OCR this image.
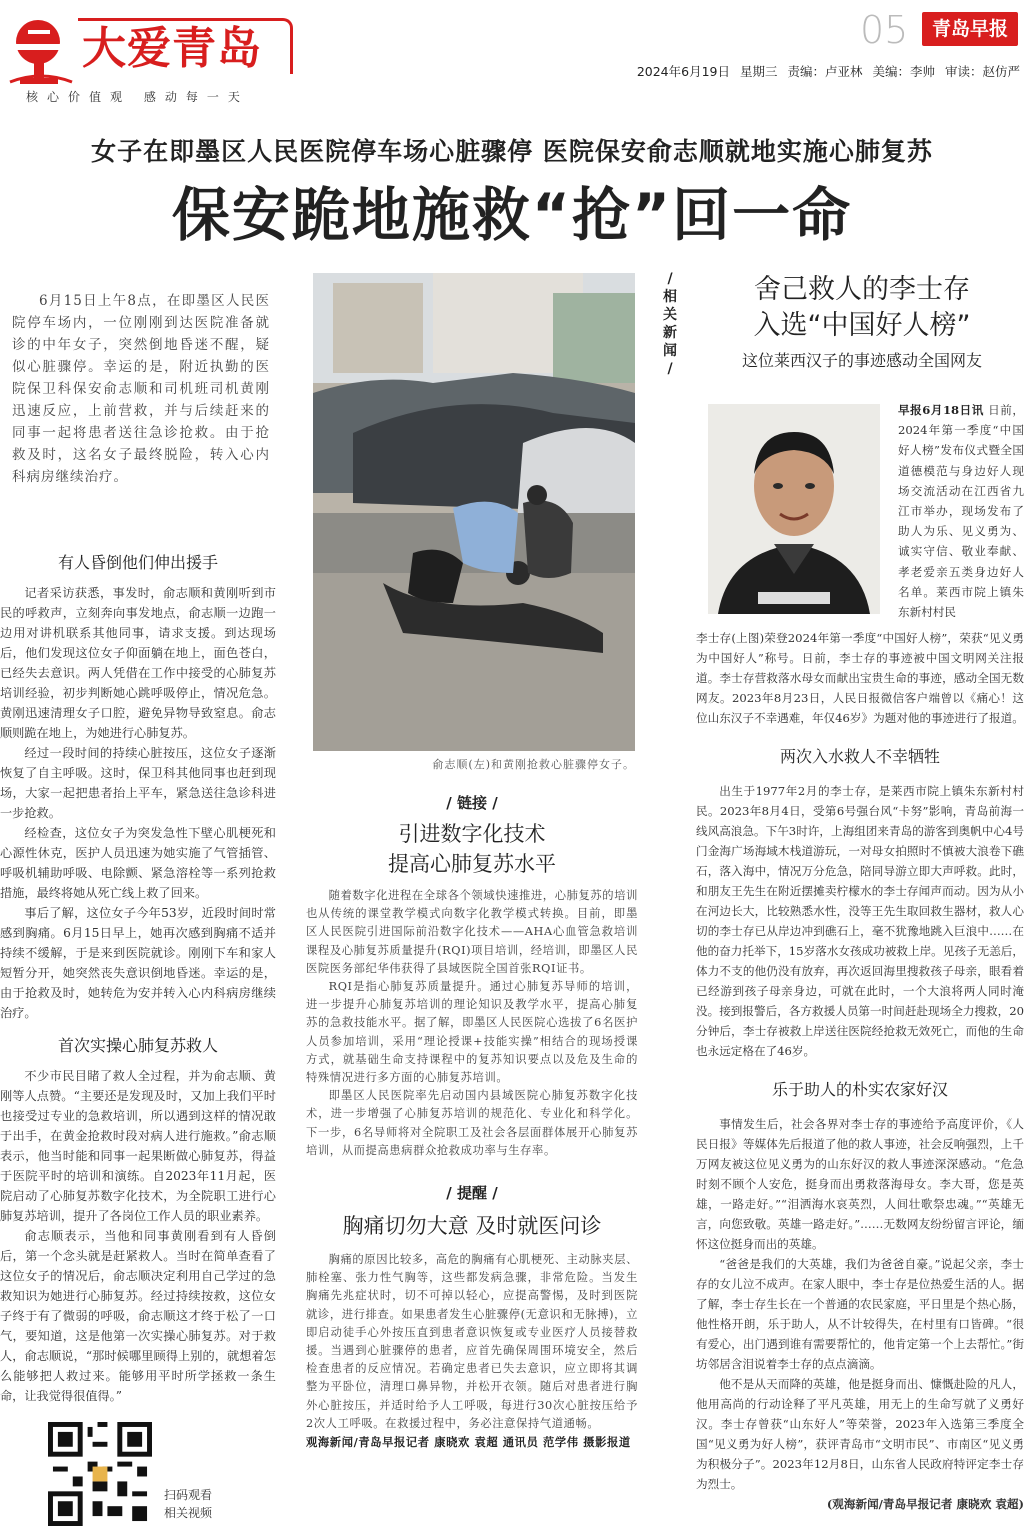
大爱青岛
核心价值观 感动每一天
05	青岛早报
2024年6月19日 星期三 责编：卢亚林 美编：李帅 审读：赵仿严
女子在即墨区人民医院停车场心脏骤停 医院保安俞志顺就地实施心肺复苏
保安跪地施救“抢”回一命

6月15日上午8点，在即墨区人民医院停车场内，一位刚刚到达医院准备就诊的中年女子，突然倒地昏迷不醒，疑似心脏骤停。幸运的是，附近执勤的医院保卫科保安俞志顺和司机班司机黄刚迅速反应，上前营救，并与后续赶来的同事一起将患者送往急诊抢救。由于抢救及时，这名女子最终脱险，转入心内科病房继续治疗。

有人昏倒他们伸出援手

记者采访获悉，事发时，俞志顺和黄刚听到市民的呼救声，立刻奔向事发地点，俞志顺一边跑一边用对讲机联系其他同事，请求支援。到达现场后，他们发现这位女子仰面躺在地上，面色苍白，已经失去意识。两人凭借在工作中接受的心肺复苏培训经验，初步判断她心跳呼吸停止，情况危急。黄刚迅速清理女子口腔，避免异物导致窒息。俞志顺则跪在地上，为她进行心肺复苏。

经过一段时间的持续心脏按压，这位女子逐渐恢复了自主呼吸。这时，保卫科其他同事也赶到现场，大家一起把患者抬上平车，紧急送往急诊科进一步抢救。

经检查，这位女子为突发急性下壁心肌梗死和心源性休克，医护人员迅速为她实施了气管插管、呼吸机辅助呼吸、电除颤、紧急溶栓等一系列抢救措施，最终将她从死亡线上救了回来。

事后了解，这位女子今年53岁，近段时间时常感到胸痛。6月15日早上，她再次感到胸痛不适并持续不缓解，于是来到医院就诊。刚刚下车和家人短暂分开，她突然丧失意识倒地昏迷。幸运的是，由于抢救及时，她转危为安并转入心内科病房继续治疗。

首次实操心肺复苏救人

不少市民目睹了救人全过程，并为俞志顺、黄刚等人点赞。“主要还是发现及时，又加上我们平时也接受过专业的急救培训，所以遇到这样的情况敢于出手，在黄金抢救时段对病人进行施救。”俞志顺表示，他当时能和同事一起果断做心肺复苏，得益于医院平时的培训和演练。自2023年11月起，医院启动了心肺复苏数字化技术，为全院职工进行心肺复苏培训，提升了各岗位工作人员的职业素养。

俞志顺表示，当他和同事黄刚看到有人昏倒后，第一个念头就是赶紧救人。当时在简单查看了这位女子的情况后，俞志顺决定利用自己学过的急救知识为她进行心肺复苏。经过持续按救，这位女子终于有了微弱的呼吸，俞志顺这才终于松了一口气，要知道，这是他第一次实操心肺复苏。对于救人，俞志顺说，“那时候哪里顾得上别的，就想着怎么能够把人救过来。能够用平时所学拯救一条生命，让我觉得很值得。”

扫码观看
相关视频
俞志顺(左)和黄刚抢救心脏骤停女子。
/ 链接 /
引进数字化技术
提高心肺复苏水平

随着数字化进程在全球各个领域快速推进，心肺复苏的培训也从传统的课堂教学模式向数字化教学模式转换。目前，即墨区人民医院引进国际前沿数字化技术——AHA心血管急救培训课程及心肺复苏质量提升(RQI)项目培训，经培训，即墨区人民医院医务部纪华伟获得了县域医院全国首张RQI证书。

RQI是指心肺复苏质量提升。通过心肺复苏导师的培训，进一步提升心肺复苏培训的理论知识及教学水平，提高心肺复苏的急救技能水平。据了解，即墨区人民医院心选拔了6名医护人员参加培训，采用“理论授课+技能实操”相结合的现场授课方式，就基础生命支持课程中的复苏知识要点以及危及生命的特殊情况进行多方面的心肺复苏培训。

即墨区人民医院率先启动国内县域医院心肺复苏数字化技术，进一步增强了心肺复苏培训的规范化、专业化和科学化。下一步，6名导师将对全院职工及社会各层面群体展开心肺复苏培训，从而提高患病群众抢救成功率与生存率。

/ 提醒 /
胸痛切勿大意 及时就医问诊

胸痛的原因比较多，高危的胸痛有心肌梗死、主动脉夹层、肺栓塞、张力性气胸等，这些都发病急骤，非常危险。当发生胸痛先兆症状时，切不可掉以轻心，应提高警惕，及时到医院就诊，进行排查。如果患者发生心脏骤停(无意识和无脉搏)，立即启动徒手心外按压直到患者意识恢复或专业医疗人员接替救援。当遇到心脏骤停的患者，应首先确保周围环境安全，然后检查患者的反应情况。若确定患者已失去意识，应立即将其调整为平卧位，清理口鼻异物，并松开衣领。随后对患者进行胸外心脏按压，并适时给予人工呼吸，每进行30次心脏按压给予2次人工呼吸。在救援过程中，务必注意保持气道通畅。

观海新闻/青岛早报记者 康晓欢 袁超 通讯员 范学伟 摄影报道

/ 相关新闻 /
舍己救人的李士存
入选“中国好人榜”
这位莱西汉子的事迹感动全国网友

早报6月18日讯 日前，2024年第一季度“中国好人榜”发布仪式暨全国道德模范与身边好人现场交流活动在江西省九江市举办，现场发布了助人为乐、见义勇为、诚实守信、敬业奉献、孝老爱亲五类身边好人名单。莱西市院上镇朱东新村村民

李士存(上图)荣登2024年第一季度“中国好人榜”，荣获“见义勇为中国好人”称号。日前，李士存的事迹被中国文明网关注报道。李士存营救落水母女而献出宝贵生命的事迹，感动全国无数网友。2023年8月23日，人民日报微信客户端曾以《痛心！这位山东汉子不幸遇难，年仅46岁》为题对他的事迹进行了报道。

两次入水救人不幸牺牲

出生于1977年2月的李士存，是莱西市院上镇朱东新村村民。2023年8月4日，受第6号强台风“卡努”影响，青岛前海一线风高浪急。下午3时许，上海组团来青岛的游客到奥帆中心4号门金海广场海域木栈道游玩，一对母女拍照时不慎被大浪卷下礁石，落入海中，情况万分危急，陪同导游立即大声呼救。此时，和朋友王先生在附近摆摊卖柠檬水的李士存闻声而动。因为从小在河边长大，比较熟悉水性，没等王先生取回救生器材，救人心切的李士存已从岸边冲到礁石上，毫不犹豫地跳入巨浪中……在他的奋力托举下，15岁落水女孩成功被救上岸。见孩子无恙后，体力不支的他仍没有放弃，再次返回海里搜救孩子母亲，眼看着已经游到孩子母亲身边，可就在此时，一个大浪将两人同时淹没。接到报警后，各方救援人员第一时间赶赴现场全力搜救，20分钟后，李士存被救上岸送往医院经抢救无效死亡，而他的生命也永远定格在了46岁。

乐于助人的朴实农家好汉

事情发生后，社会各界对李士存的事迹给予高度评价，《人民日报》等媒体先后报道了他的救人事迹，社会反响强烈，上千万网友被这位见义勇为的山东好汉的救人事迹深深感动。“危急时刻不顾个人安危，挺身而出勇救落海母女。李大哥，您是英雄，一路走好。”“泪洒海水哀英烈，人间壮歌祭忠魂。”“英雄无言，向您致敬。英雄一路走好。”……无数网友纷纷留言评论，缅怀这位挺身而出的英雄。

“爸爸是我们的大英雄，我们为爸爸自豪。”说起父亲，李士存的女儿泣不成声。在家人眼中，李士存是位热爱生活的人。据了解，李士存生长在一个普通的农民家庭，平日里是个热心肠，他性格开朗，乐于助人，从不计较得失，在村里有口皆碑。“很有爱心，出门遇到谁有需要帮忙的，他肯定第一个上去帮忙。”街坊邻居含泪说着李士存的点点滴滴。

他不是从天而降的英雄，他是挺身而出、慷慨赴险的凡人，他用高尚的行动诠释了平凡英雄，用无上的生命写就了义勇好汉。李士存曾获“山东好人”等荣誉，2023年入选第三季度全国“见义勇为好人榜”，获评青岛市“文明市民”、市南区“见义勇为积极分子”。2023年12月8日，山东省人民政府特评定李士存为烈士。

(观海新闻/青岛早报记者 康晓欢 袁超)
